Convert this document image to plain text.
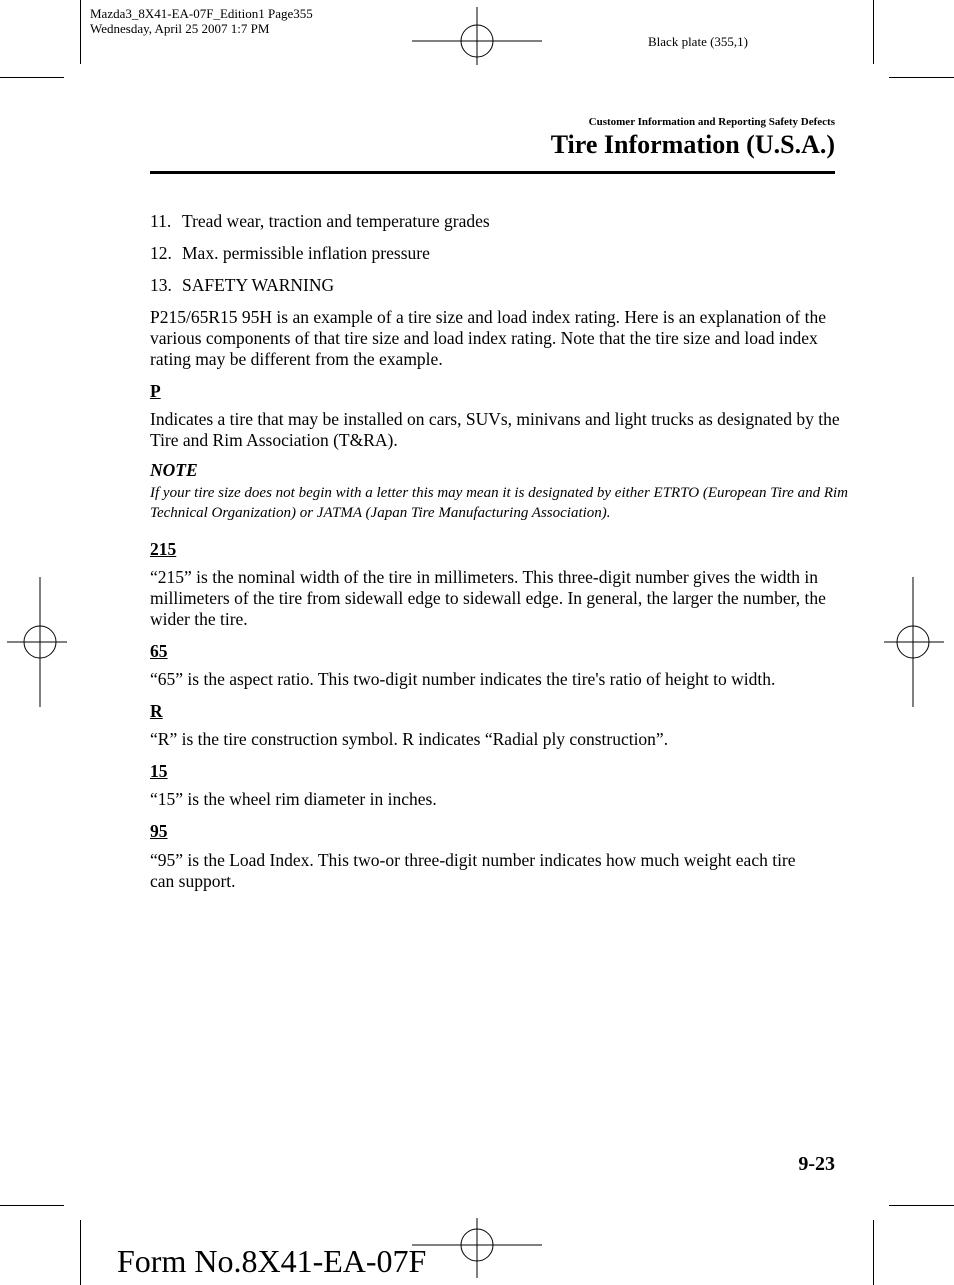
Mazda3_8X41-EA-07F_Edition1 Page355
Wednesday, April 25 2007 1:7 PM
Black plate (355,1)
Customer Information and Reporting Safety Defects
Tire Information (U.S.A.)
11. Tread wear, traction and temperature grades
12. Max. permissible inflation pressure
13. SAFETY WARNING
P215/65R15 95H is an example of a tire size and load index rating. Here is an explanation of the various components of that tire size and load index rating. Note that the tire size and load index rating may be different from the example.
P
Indicates a tire that may be installed on cars, SUVs, minivans and light trucks as designated by the Tire and Rim Association (T&RA).
NOTE
If your tire size does not begin with a letter this may mean it is designated by either ETRTO (European Tire and Rim Technical Organization) or JATMA (Japan Tire Manufacturing Association).
215
“215” is the nominal width of the tire in millimeters. This three-digit number gives the width in millimeters of the tire from sidewall edge to sidewall edge. In general, the larger the number, the wider the tire.
65
“65” is the aspect ratio. This two-digit number indicates the tire's ratio of height to width.
R
“R” is the tire construction symbol. R indicates “Radial ply construction”.
15
“15” is the wheel rim diameter in inches.
95
“95” is the Load Index. This two-or three-digit number indicates how much weight each tire can support.
9-23
Form No.8X41-EA-07F
